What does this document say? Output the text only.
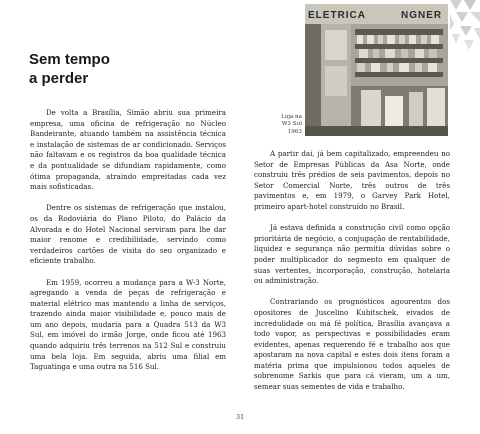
Sem tempo
a perder

De volta a Brasília, Simão abriu sua primeira empresa, uma oficina de refrigeração no Núcleo Bandeirante, atuando também na assistência técnica e instalação de sistemas de ar condicionado. Serviços não faltavam e os registros da boa qualidade técnica e da pontualidade se difundiam rapidamente, como ótima propaganda, atraindo empreitadas cada vez mais sofisticadas.

Dentre os sistemas de refrigeração que instalou, os da Rodoviária do Plano Piloto, do Palácio da Alvorada e do Hotel Nacional serviram para lhe dar maior renome e credibilidade, servindo como verdadeiros cartões de visita do seu organizado e eficiente trabalho.

Em 1959, ocorreu a mudança para a W-3 Norte, agregando a venda de peças de refrigeração e material elétrico mas mantendo a linha de serviços, trazendo ainda maior visibilidade e, pouco mais de um ano depois, mudaria para a Quadra 513 da W3 Sul, em imóvel do irmão Jorge, onde ficou até 1963 quando adquiriu três terrenos na 512 Sul e construiu uma bela loja. Em seguida, abriu uma filial em Taguatinga e uma outra na 516 Sul.

ELETRICA	NGNER
Loja na
W3 Sul
1963

A partir daí, já bem capitalizado, empreendeu no Setor de Empresas Públicas da Asa Norte, onde construiu três prédios de seis pavimentos, depois no Setor Comercial Norte, três outros de três pavimentos e, em 1979, o Garvey Park Hotel, primeiro apart-hotel construído no Brasil.

Já estava definida a construção civil como opção prioritária de negócio, a conjugação de rentabilidade, liquidez e segurança não permitia dúvidas sobre o poder multiplicador do segmento em qualquer de suas vertentes, incorporação, construção, hotelaria ou administração.

Contrariando os prognósticos agourentos dos opositores de Juscelino Kubitschek, eivados de incredulidade ou má fé política, Brasília avançava a todo vapor, as perspectivas e possibilidades eram evidentes, apenas requerendo fé e trabalho aos que apostaram na nova capital e estes dois itens foram a matéria prima que impulsionou todos aqueles de sobrenome Sarkis que para cá vieram, um a um, semear suas sementes de vida e trabalho.

31
